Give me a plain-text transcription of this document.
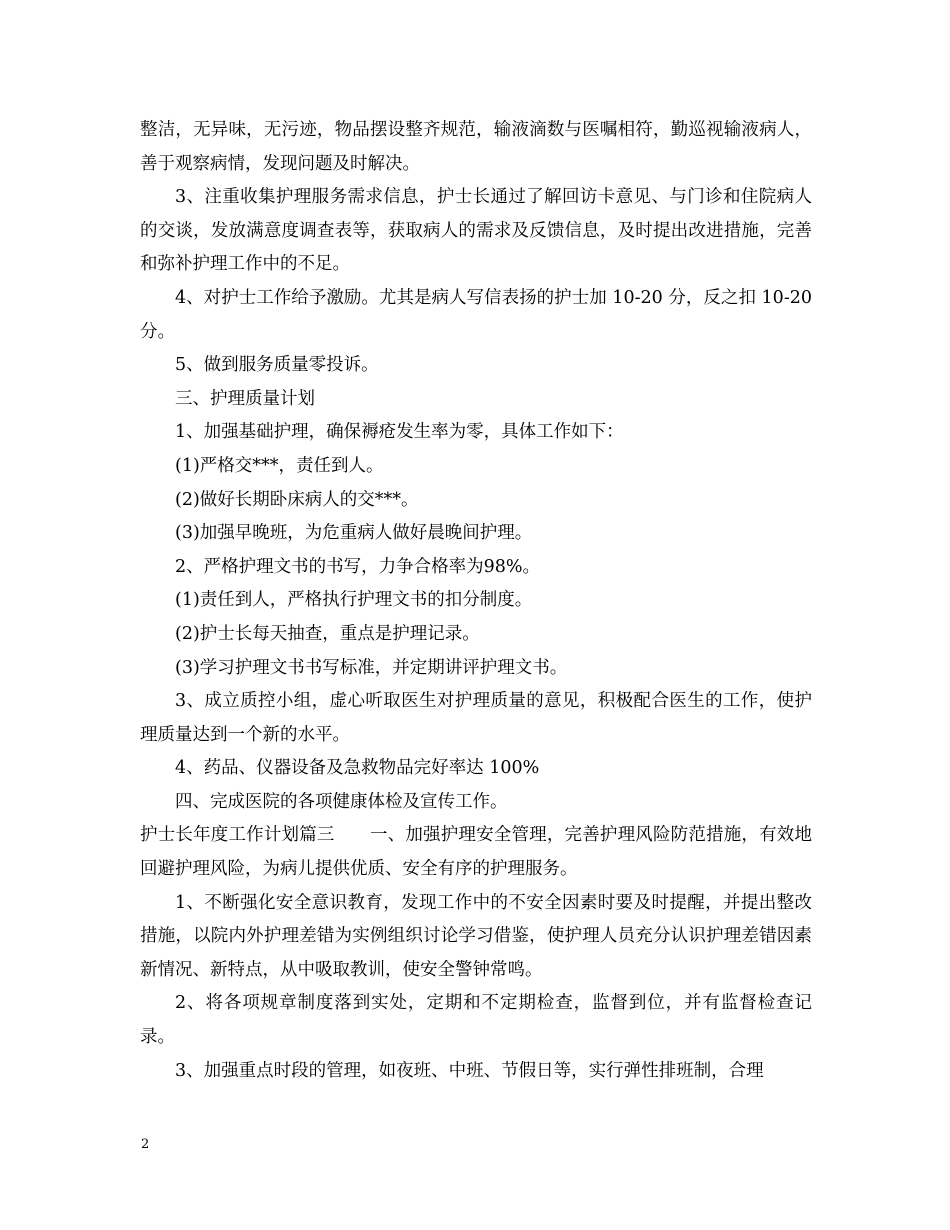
整洁，无异味，无污迹，物品摆设整齐规范，输液滴数与医嘱相符，勤巡视输液病人，善于观察病情，发现问题及时解决。

3、注重收集护理服务需求信息，护士长通过了解回访卡意见、与门诊和住院病人的交谈，发放满意度调查表等，获取病人的需求及反馈信息，及时提出改进措施，完善和弥补护理工作中的不足。

4、对护士工作给予激励。尤其是病人写信表扬的护士加 10-20 分，反之扣 10-20 分。

5、做到服务质量零投诉。

三、护理质量计划

1、加强基础护理，确保褥疮发生率为零，具体工作如下：

(1)严格交***，责任到人。

(2)做好长期卧床病人的交***。

(3)加强早晚班，为危重病人做好晨晚间护理。

2、严格护理文书的书写，力争合格率为98%。

(1)责任到人，严格执行护理文书的扣分制度。

(2)护士长每天抽查，重点是护理记录。

(3)学习护理文书书写标准，并定期讲评护理文书。

3、成立质控小组，虚心听取医生对护理质量的意见，积极配合医生的工作，使护理质量达到一个新的水平。

4、药品、仪器设备及急救物品完好率达 100%

四、完成医院的各项健康体检及宣传工作。

护士长年度工作计划篇三　　一、加强护理安全管理，完善护理风险防范措施，有效地回避护理风险，为病儿提供优质、安全有序的护理服务。

1、不断强化安全意识教育，发现工作中的不安全因素时要及时提醒，并提出整改措施，以院内外护理差错为实例组织讨论学习借鉴，使护理人员充分认识护理差错因素新情况、新特点，从中吸取教训，使安全警钟常鸣。

2、将各项规章制度落到实处，定期和不定期检查，监督到位，并有监督检查记录。

3、加强重点时段的管理，如夜班、中班、节假日等，实行弹性排班制，合理

2
